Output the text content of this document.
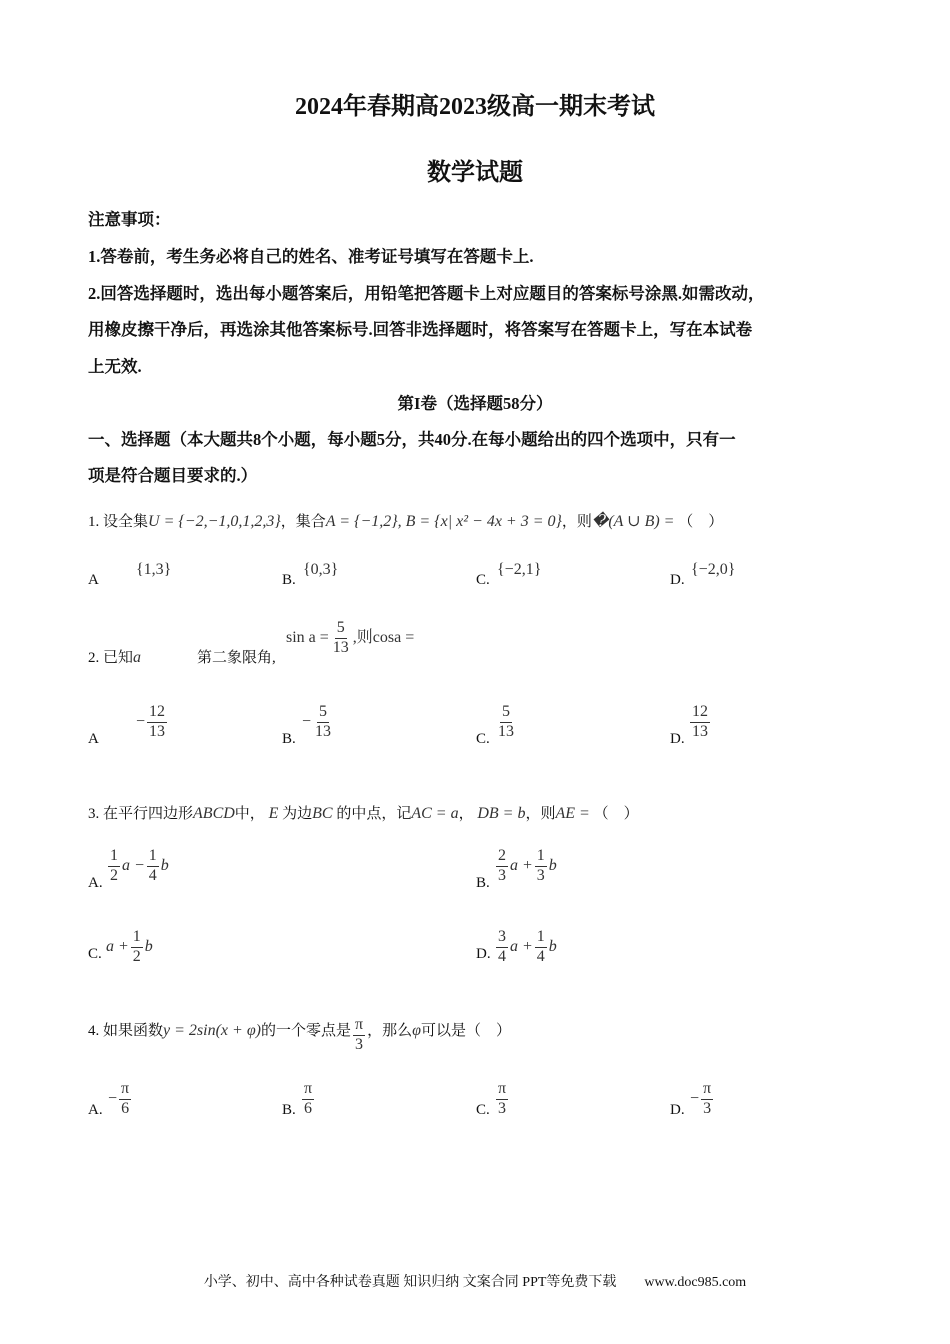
2024年春期高2023级高一期末考试
数学试题
注意事项：
1.答卷前，考生务必将自己的姓名、准考证号填写在答题卡上.
2.回答选择题时，选出每小题答案后，用铅笔把答题卡上对应题目的答案标号涂黑.如需改动，
用橡皮擦干净后，再选涂其他答案标号.回答非选择题时，将答案写在答题卡上，写在本试卷
上无效.
第I卷（选择题58分）
一、选择题（本大题共8个小题，每小题5分，共40分.在每小题给出的四个选项中，只有一
项是符合题目要求的.）
1. 设全集U = {−2,−1,0,1,2,3}，集合A = {−1,2}, B = {x| x² − 4x + 3 = 0}，则�(A ∪ B) = （　）
A
{1,3}
B.
{0,3}
C.
{−2,1}
D.
{−2,0}
2. 已知a	第二象限角,
$\sin a = \frac{5}{13}$ ,则cosa =
A
− $\frac{12}{13}$	B.
− $\frac{5}{13}$	C. $\frac{5}{13}$	D. $\frac{12}{13}$
3. 在平行四边形ABCD中， E 为边BC 的中点，记AC = a， DB = b，则AE = （　）
A. $\frac{1}{2}$ $a - \frac{1}{4}$ b
B. $\frac{2}{3}$ $a + \frac{1}{3}$ b
C. $a + \frac{1}{2}$ b	D. $\frac{3}{4}$ $a + \frac{1}{4}$ b
4. 如果函数y = 2sin(x + φ)的一个零点是 $\frac{\pi}{3}$ ，那么φ可以是（　）
A.
− $\frac{\pi}{6}$	B. $\frac{\pi}{6}$	C. $\frac{\pi}{3}$	D.
− $\frac{\pi}{3}$
小学、初中、高中各种试卷真题 知识归纳 文案合同 PPT等免费下载　　www.doc985.com
